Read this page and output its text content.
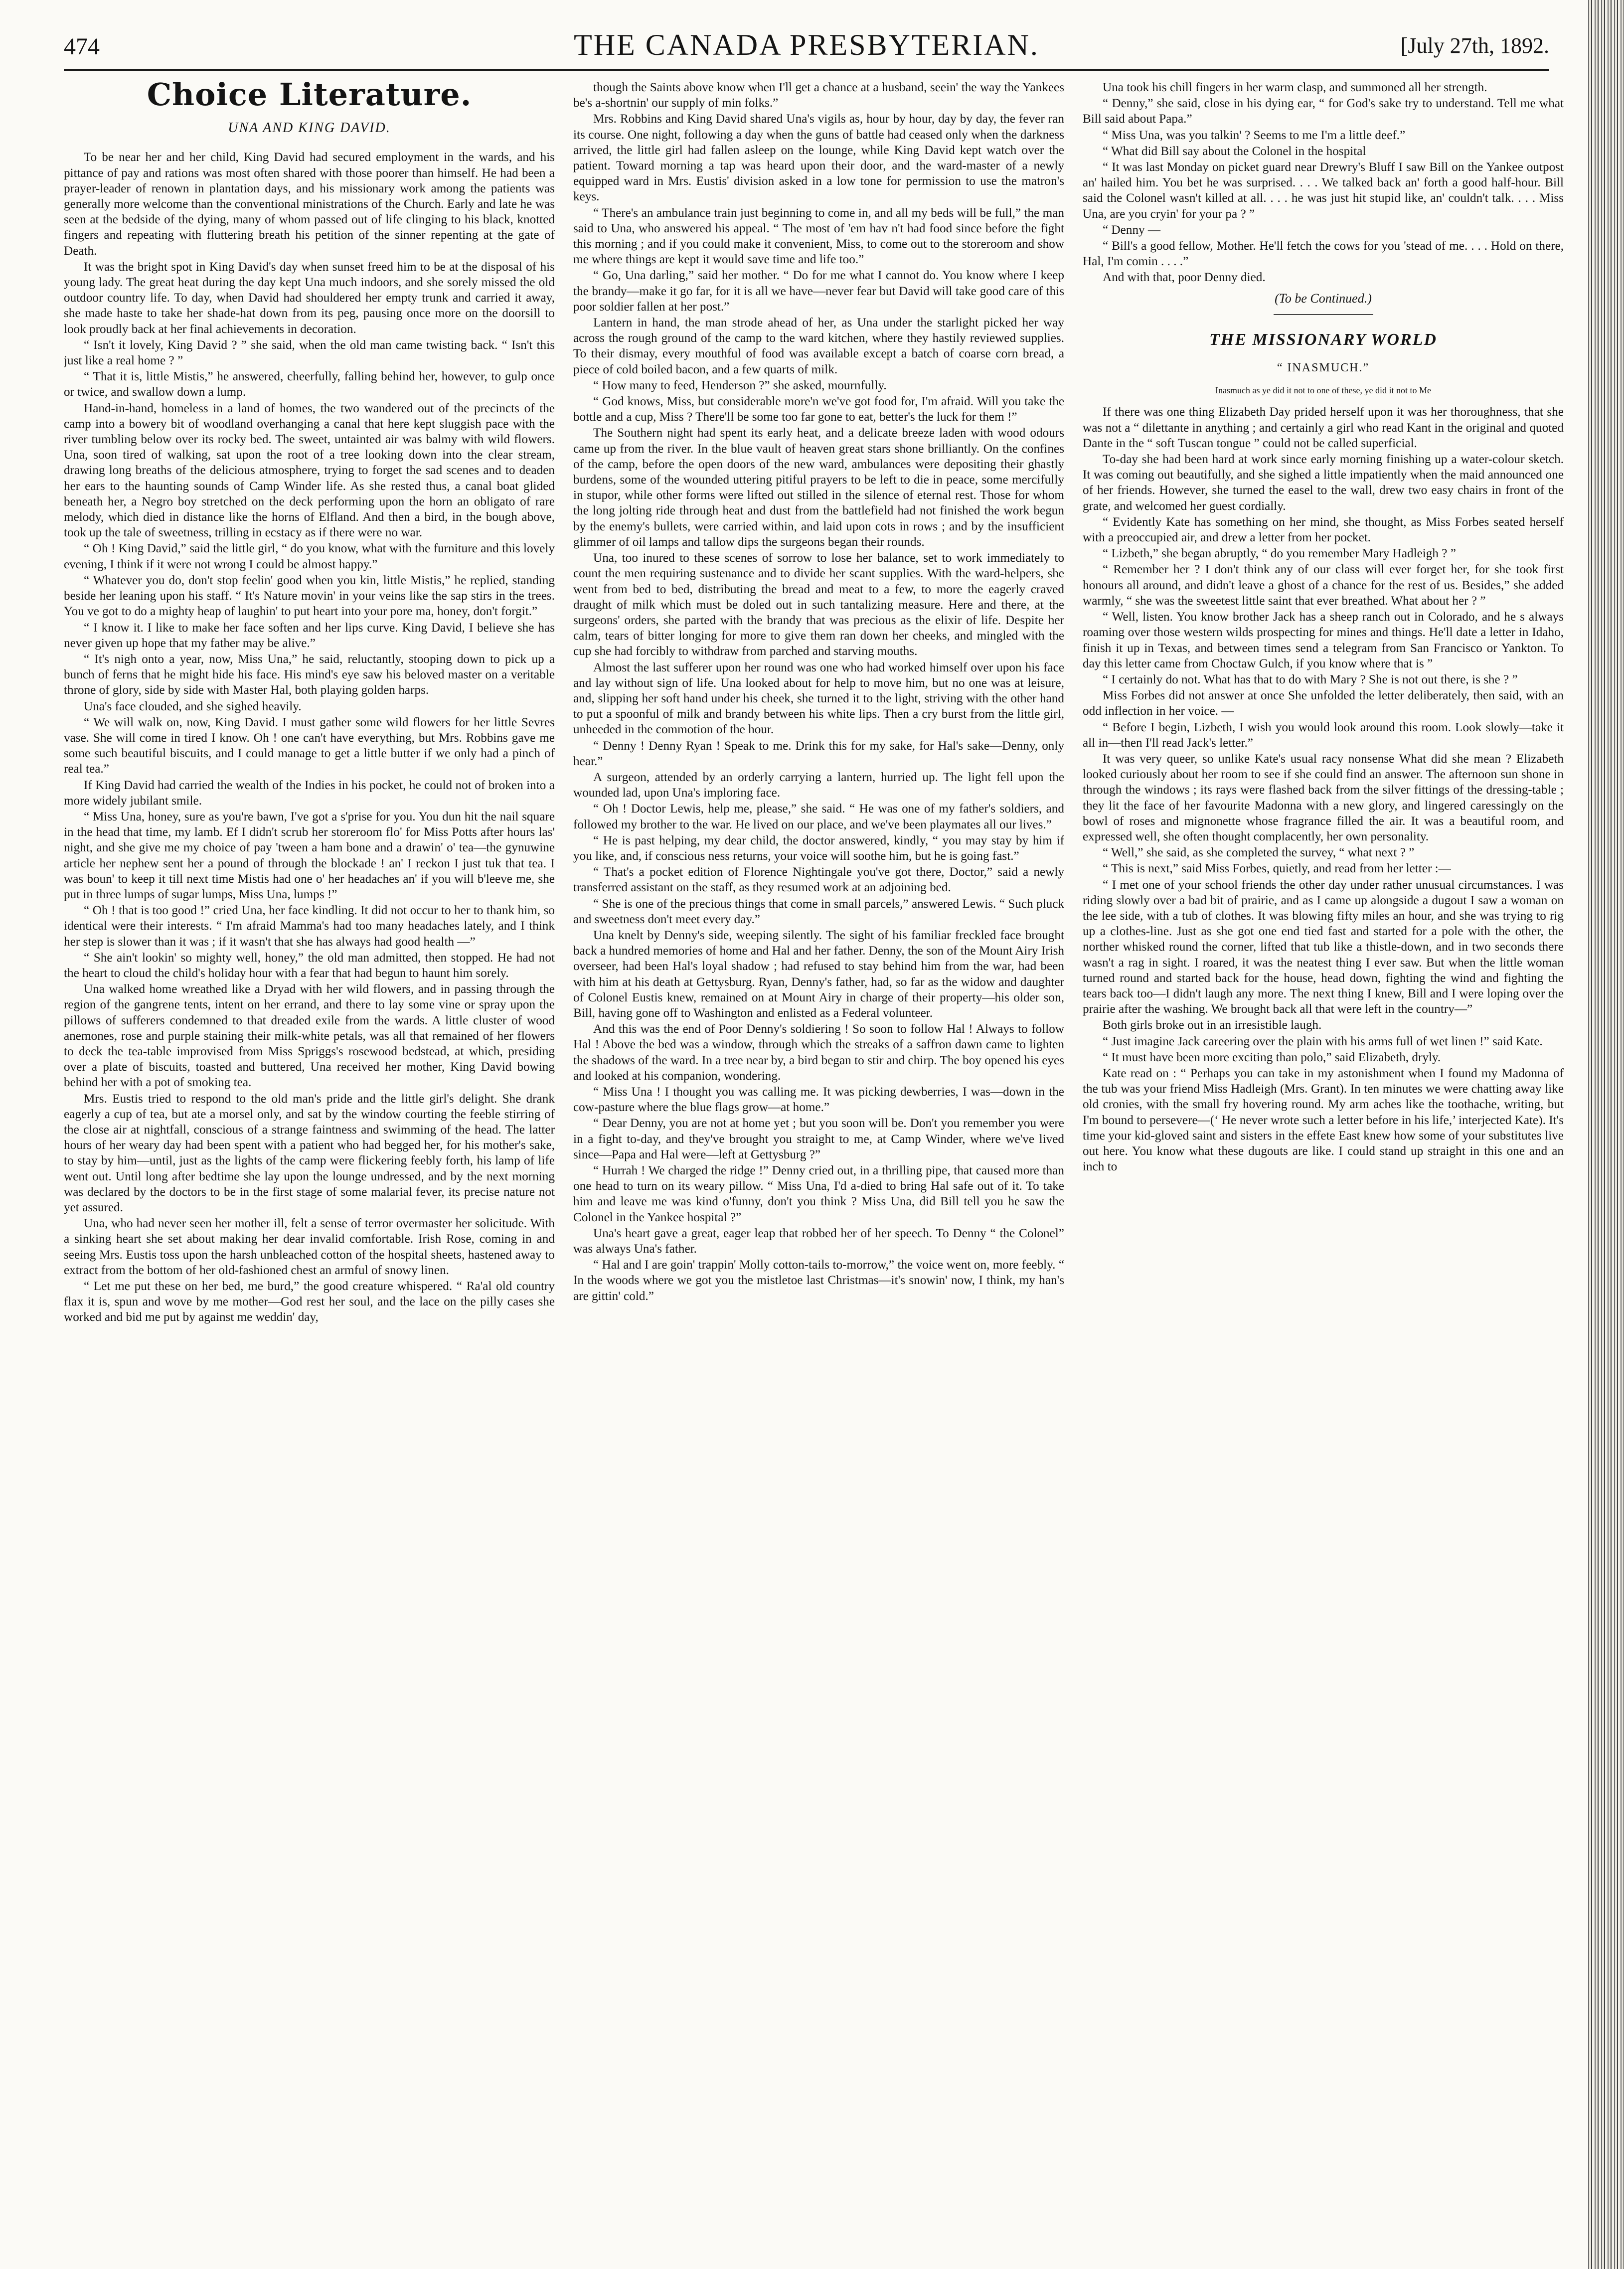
474	THE CANADA PRESBYTERIAN.	[July 27th, 1892.
Choice Literature.
UNA AND KING DAVID.

To be near her and her child, King David had secured employment in the wards, and his pittance of pay and rations was most often shared with those poorer than himself. He had been a prayer-leader of renown in plantation days, and his missionary work among the patients was generally more welcome than the conventional ministrations of the Church. Early and late he was seen at the bedside of the dying, many of whom passed out of life clinging to his black, knotted fingers and repeating with fluttering breath his petition of the sinner repenting at the gate of Death.

It was the bright spot in King David's day when sunset freed him to be at the disposal of his young lady. The great heat during the day kept Una much indoors, and she sorely missed the old outdoor country life. To day, when David had shouldered her empty trunk and carried it away, she made haste to take her shade-hat down from its peg, pausing once more on the doorsill to look proudly back at her final achievements in decoration.

“ Isn't it lovely, King David ? ” she said, when the old man came twisting back. “ Isn't this just like a real home ? ”

“ That it is, little Mistis,” he answered, cheerfully, falling behind her, however, to gulp once or twice, and swallow down a lump.

Hand-in-hand, homeless in a land of homes, the two wandered out of the precincts of the camp into a bowery bit of woodland overhanging a canal that here kept sluggish pace with the river tumbling below over its rocky bed. The sweet, untainted air was balmy with wild flowers. Una, soon tired of walking, sat upon the root of a tree looking down into the clear stream, drawing long breaths of the delicious atmosphere, trying to forget the sad scenes and to deaden her ears to the haunting sounds of Camp Winder life. As she rested thus, a canal boat glided beneath her, a Negro boy stretched on the deck performing upon the horn an obligato of rare melody, which died in distance like the horns of Elfland. And then a bird, in the bough above, took up the tale of sweetness, trilling in ecstacy as if there were no war.

“ Oh ! King David,” said the little girl, “ do you know, what with the furniture and this lovely evening, I think if it were not wrong I could be almost happy.”

“ Whatever you do, don't stop feelin' good when you kin, little Mistis,” he replied, standing beside her leaning upon his staff. “ It's Nature movin' in your veins like the sap stirs in the trees. You ve got to do a mighty heap of laughin' to put heart into your pore ma, honey, don't forgit.”

“ I know it. I like to make her face soften and her lips curve. King David, I believe she has never given up hope that my father may be alive.”

“ It's nigh onto a year, now, Miss Una,” he said, reluctantly, stooping down to pick up a bunch of ferns that he might hide his face. His mind's eye saw his beloved master on a veritable throne of glory, side by side with Master Hal, both playing golden harps.

Una's face clouded, and she sighed heavily.

“ We will walk on, now, King David. I must gather some wild flowers for her little Sevres vase. She will come in tired I know. Oh ! one can't have everything, but Mrs. Robbins gave me some such beautiful biscuits, and I could manage to get a little butter if we only had a pinch of real tea.”

If King David had carried the wealth of the Indies in his pocket, he could not of broken into a more widely jubilant smile.

“ Miss Una, honey, sure as you're bawn, I've got a s'prise for you. You dun hit the nail square in the head that time, my lamb. Ef I didn't scrub her storeroom flo' for Miss Potts after hours las' night, and she give me my choice of pay 'tween a ham bone and a drawin' o' tea—the gynuwine article her nephew sent her a pound of through the blockade ! an' I reckon I just tuk that tea. I was boun' to keep it till next time Mistis had one o' her headaches an' if you will b'leeve me, she put in three lumps of sugar lumps, Miss Una, lumps !”

“ Oh ! that is too good !” cried Una, her face kindling. It did not occur to her to thank him, so identical were their interests. “ I'm afraid Mamma's had too many headaches lately, and I think her step is slower than it was ; if it wasn't that she has always had good health —”

“ She ain't lookin' so mighty well, honey,” the old man admitted, then stopped. He had not the heart to cloud the child's holiday hour with a fear that had begun to haunt him sorely.

Una walked home wreathed like a Dryad with her wild flowers, and in passing through the region of the gangrene tents, intent on her errand, and there to lay some vine or spray upon the pillows of sufferers condemned to that dreaded exile from the wards. A little cluster of wood anemones, rose and purple staining their milk-white petals, was all that remained of her flowers to deck the tea-table improvised from Miss Spriggs's rosewood bedstead, at which, presiding over a plate of biscuits, toasted and buttered, Una received her mother, King David bowing behind her with a pot of smoking tea.

Mrs. Eustis tried to respond to the old man's pride and the little girl's delight. She drank eagerly a cup of tea, but ate a morsel only, and sat by the window courting the feeble stirring of the close air at nightfall, conscious of a strange faintness and swimming of the head. The latter hours of her weary day had been spent with a patient who had begged her, for his mother's sake, to stay by him—until, just as the lights of the camp were flickering feebly forth, his lamp of life went out. Until long after bedtime she lay upon the lounge undressed, and by the next morning was declared by the doctors to be in the first stage of some malarial fever, its precise nature not yet assured.

Una, who had never seen her mother ill, felt a sense of terror overmaster her solicitude. With a sinking heart she set about making her dear invalid comfortable. Irish Rose, coming in and seeing Mrs. Eustis toss upon the harsh unbleached cotton of the hospital sheets, hastened away to extract from the bottom of her old-fashioned chest an armful of snowy linen.

“ Let me put these on her bed, me burd,” the good creature whispered. “ Ra'al old country flax it is, spun and wove by me mother—God rest her soul, and the lace on the pilly cases she worked and bid me put by against me weddin' day,

though the Saints above know when I'll get a chance at a husband, seein' the way the Yankees be's a-shortnin' our supply of min folks.”

Mrs. Robbins and King David shared Una's vigils as, hour by hour, day by day, the fever ran its course. One night, following a day when the guns of battle had ceased only when the darkness arrived, the little girl had fallen asleep on the lounge, while King David kept watch over the patient. Toward morning a tap was heard upon their door, and the ward-master of a newly equipped ward in Mrs. Eustis' division asked in a low tone for permission to use the matron's keys.

“ There's an ambulance train just beginning to come in, and all my beds will be full,” the man said to Una, who answered his appeal. “ The most of 'em hav n't had food since before the fight this morning ; and if you could make it convenient, Miss, to come out to the storeroom and show me where things are kept it would save time and life too.”

“ Go, Una darling,” said her mother. “ Do for me what I cannot do. You know where I keep the brandy—make it go far, for it is all we have—never fear but David will take good care of this poor soldier fallen at her post.”

Lantern in hand, the man strode ahead of her, as Una under the starlight picked her way across the rough ground of the camp to the ward kitchen, where they hastily reviewed supplies. To their dismay, every mouthful of food was available except a batch of coarse corn bread, a piece of cold boiled bacon, and a few quarts of milk.

“ How many to feed, Henderson ?” she asked, mournfully.

“ God knows, Miss, but considerable more'n we've got food for, I'm afraid. Will you take the bottle and a cup, Miss ? There'll be some too far gone to eat, better's the luck for them !”

The Southern night had spent its early heat, and a delicate breeze laden with wood odours came up from the river. In the blue vault of heaven great stars shone brilliantly. On the confines of the camp, before the open doors of the new ward, ambulances were depositing their ghastly burdens, some of the wounded uttering pitiful prayers to be left to die in peace, some mercifully in stupor, while other forms were lifted out stilled in the silence of eternal rest. Those for whom the long jolting ride through heat and dust from the battlefield had not finished the work begun by the enemy's bullets, were carried within, and laid upon cots in rows ; and by the insufficient glimmer of oil lamps and tallow dips the surgeons began their rounds.

Una, too inured to these scenes of sorrow to lose her balance, set to work immediately to count the men requiring sustenance and to divide her scant supplies. With the ward-helpers, she went from bed to bed, distributing the bread and meat to a few, to more the eagerly craved draught of milk which must be doled out in such tantalizing measure. Here and there, at the surgeons' orders, she parted with the brandy that was precious as the elixir of life. Despite her calm, tears of bitter longing for more to give them ran down her cheeks, and mingled with the cup she had forcibly to withdraw from parched and starving mouths.

Almost the last sufferer upon her round was one who had worked himself over upon his face and lay without sign of life. Una looked about for help to move him, but no one was at leisure, and, slipping her soft hand under his cheek, she turned it to the light, striving with the other hand to put a spoonful of milk and brandy between his white lips. Then a cry burst from the little girl, unheeded in the commotion of the hour.

“ Denny ! Denny Ryan ! Speak to me. Drink this for my sake, for Hal's sake—Denny, only hear.”

A surgeon, attended by an orderly carrying a lantern, hurried up. The light fell upon the wounded lad, upon Una's imploring face.

“ Oh ! Doctor Lewis, help me, please,” she said. “ He was one of my father's soldiers, and followed my brother to the war. He lived on our place, and we've been playmates all our lives.”

“ He is past helping, my dear child, the doctor answered, kindly, “ you may stay by him if you like, and, if conscious ness returns, your voice will soothe him, but he is going fast.”

“ That's a pocket edition of Florence Nightingale you've got there, Doctor,” said a newly transferred assistant on the staff, as they resumed work at an adjoining bed.

“ She is one of the precious things that come in small parcels,” answered Lewis. “ Such pluck and sweetness don't meet every day.”

Una knelt by Denny's side, weeping silently. The sight of his familiar freckled face brought back a hundred memories of home and Hal and her father. Denny, the son of the Mount Airy Irish overseer, had been Hal's loyal shadow ; had refused to stay behind him from the war, had been with him at his death at Gettysburg. Ryan, Denny's father, had, so far as the widow and daughter of Colonel Eustis knew, remained on at Mount Airy in charge of their property—his older son, Bill, having gone off to Washington and enlisted as a Federal volunteer.

And this was the end of Poor Denny's soldiering ! So soon to follow Hal ! Always to follow Hal ! Above the bed was a window, through which the streaks of a saffron dawn came to lighten the shadows of the ward. In a tree near by, a bird began to stir and chirp. The boy opened his eyes and looked at his companion, wondering.

“ Miss Una ! I thought you was calling me. It was picking dewberries, I was—down in the cow-pasture where the blue flags grow—at home.”

“ Dear Denny, you are not at home yet ; but you soon will be. Don't you remember you were in a fight to-day, and they've brought you straight to me, at Camp Winder, where we've lived since—Papa and Hal were—left at Gettysburg ?”

“ Hurrah ! We charged the ridge !” Denny cried out, in a thrilling pipe, that caused more than one head to turn on its weary pillow. “ Miss Una, I'd a-died to bring Hal safe out of it. To take him and leave me was kind o'funny, don't you think ? Miss Una, did Bill tell you he saw the Colonel in the Yankee hospital ?”

Una's heart gave a great, eager leap that robbed her of her speech. To Denny “ the Colonel” was always Una's father.

“ Hal and I are goin' trappin' Molly cotton-tails to-morrow,” the voice went on, more feebly. “ In the woods where we got you the mistletoe last Christmas—it's snowin' now, I think, my han's are gittin' cold.”

Una took his chill fingers in her warm clasp, and summoned all her strength.

“ Denny,” she said, close in his dying ear, “ for God's sake try to understand. Tell me what Bill said about Papa.”

“ Miss Una, was you talkin' ? Seems to me I'm a little deef.”

“ What did Bill say about the Colonel in the hospital

“ It was last Monday on picket guard near Drewry's Bluff I saw Bill on the Yankee outpost an' hailed him. You bet he was surprised. . . . We talked back an' forth a good half-hour. Bill said the Colonel wasn't killed at all. . . . he was just hit stupid like, an' couldn't talk. . . . Miss Una, are you cryin' for your pa ? ”

“ Denny —

“ Bill's a good fellow, Mother. He'll fetch the cows for you 'stead of me. . . . Hold on there, Hal, I'm comin . . . .”

And with that, poor Denny died.

(To be Continued.)

THE MISSIONARY WORLD
“ INASMUCH.”
Inasmuch as ye did it not to one of these, ye did it not to Me

If there was one thing Elizabeth Day prided herself upon it was her thoroughness, that she was not a “ dilettante in anything ; and certainly a girl who read Kant in the original and quoted Dante in the “ soft Tuscan tongue ” could not be called superficial.

To-day she had been hard at work since early morning finishing up a water-colour sketch. It was coming out beautifully, and she sighed a little impatiently when the maid announced one of her friends. However, she turned the easel to the wall, drew two easy chairs in front of the grate, and welcomed her guest cordially.

“ Evidently Kate has something on her mind, she thought, as Miss Forbes seated herself with a preoccupied air, and drew a letter from her pocket.

“ Lizbeth,” she began abruptly, “ do you remember Mary Hadleigh ? ”

“ Remember her ? I don't think any of our class will ever forget her, for she took first honours all around, and didn't leave a ghost of a chance for the rest of us. Besides,” she added warmly, “ she was the sweetest little saint that ever breathed. What about her ? ”

“ Well, listen. You know brother Jack has a sheep ranch out in Colorado, and he s always roaming over those western wilds prospecting for mines and things. He'll date a letter in Idaho, finish it up in Texas, and between times send a telegram from San Francisco or Yankton. To day this letter came from Choctaw Gulch, if you know where that is ”

“ I certainly do not. What has that to do with Mary ? She is not out there, is she ? ”

Miss Forbes did not answer at once She unfolded the letter deliberately, then said, with an odd inflection in her voice. —

“ Before I begin, Lizbeth, I wish you would look around this room. Look slowly—take it all in—then I'll read Jack's letter.”

It was very queer, so unlike Kate's usual racy nonsense What did she mean ? Elizabeth looked curiously about her room to see if she could find an answer. The afternoon sun shone in through the windows ; its rays were flashed back from the silver fittings of the dressing-table ; they lit the face of her favourite Madonna with a new glory, and lingered caressingly on the bowl of roses and mignonette whose fragrance filled the air. It was a beautiful room, and expressed well, she often thought complacently, her own personality.

“ Well,” she said, as she completed the survey, “ what next ? ”

“ This is next,” said Miss Forbes, quietly, and read from her letter :—

“ I met one of your school friends the other day under rather unusual circumstances. I was riding slowly over a bad bit of prairie, and as I came up alongside a dugout I saw a woman on the lee side, with a tub of clothes. It was blowing fifty miles an hour, and she was trying to rig up a clothes-line. Just as she got one end tied fast and started for a pole with the other, the norther whisked round the corner, lifted that tub like a thistle-down, and in two seconds there wasn't a rag in sight. I roared, it was the neatest thing I ever saw. But when the little woman turned round and started back for the house, head down, fighting the wind and fighting the tears back too—I didn't laugh any more. The next thing I knew, Bill and I were loping over the prairie after the washing. We brought back all that were left in the country—”

Both girls broke out in an irresistible laugh.

“ Just imagine Jack careering over the plain with his arms full of wet linen !” said Kate.

“ It must have been more exciting than polo,” said Elizabeth, dryly.

Kate read on : “ Perhaps you can take in my astonishment when I found my Madonna of the tub was your friend Miss Hadleigh (Mrs. Grant). In ten minutes we were chatting away like old cronies, with the small fry hovering round. My arm aches like the toothache, writing, but I'm bound to persevere—(‘ He never wrote such a letter before in his life,’ interjected Kate). It's time your kid-gloved saint and sisters in the effete East knew how some of your substitutes live out here. You know what these dugouts are like. I could stand up straight in this one and an inch to
